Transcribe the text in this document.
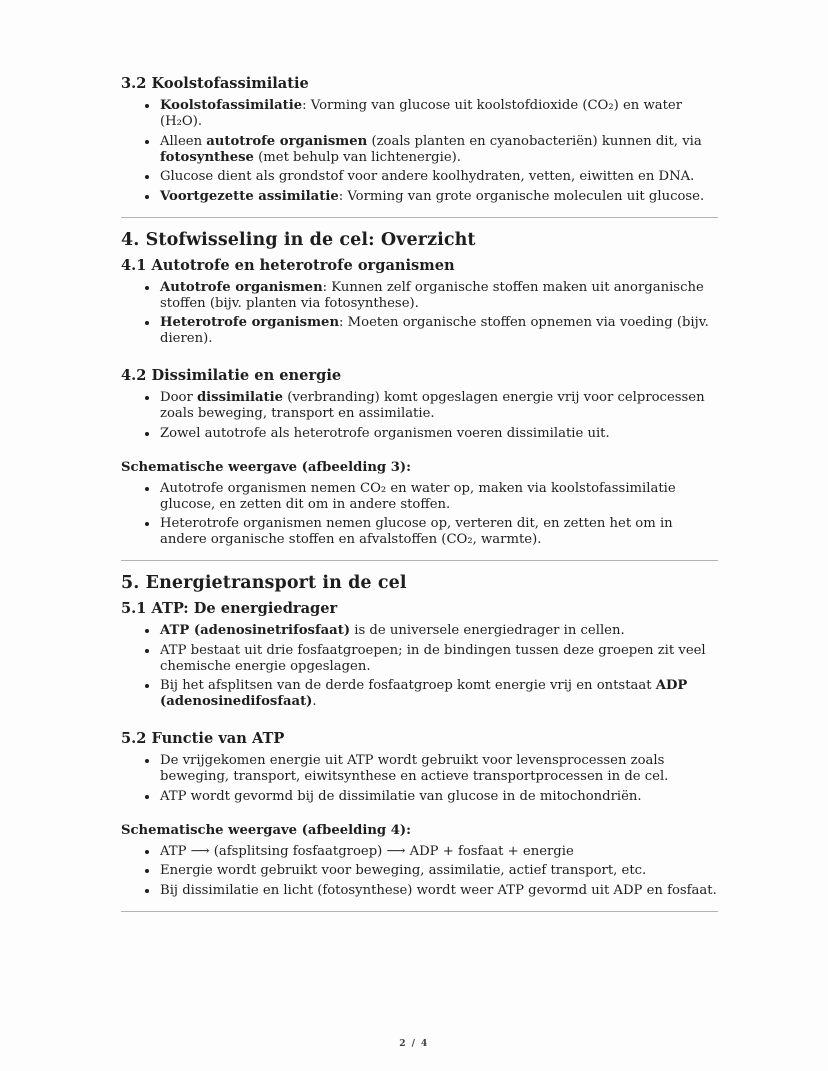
3.2 Koolstofassimilatie
• Koolstofassimilatie: Vorming van glucose uit koolstofdioxide (CO₂) en water (H₂O).
• Alleen autotrofe organismen (zoals planten en cyanobacteriën) kunnen dit, via fotosynthese (met behulp van lichtenergie).
• Glucose dient als grondstof voor andere koolhydraten, vetten, eiwitten en DNA.
• Voortgezette assimilatie: Vorming van grote organische moleculen uit glucose.
4. Stofwisseling in de cel: Overzicht
4.1 Autotrofe en heterotrofe organismen
• Autotrofe organismen: Kunnen zelf organische stoffen maken uit anorganische stoffen (bijv. planten via fotosynthese).
• Heterotrofe organismen: Moeten organische stoffen opnemen via voeding (bijv. dieren).
4.2 Dissimilatie en energie
• Door dissimilatie (verbranding) komt opgeslagen energie vrij voor celprocessen zoals beweging, transport en assimilatie.
• Zowel autotrofe als heterotrofe organismen voeren dissimilatie uit.

Schematische weergave (afbeelding 3):

• Autotrofe organismen nemen CO₂ en water op, maken via koolstofassimilatie glucose, en zetten dit om in andere stoffen.
• Heterotrofe organismen nemen glucose op, verteren dit, en zetten het om in andere organische stoffen en afvalstoffen (CO₂, warmte).
5. Energietransport in de cel
5.1 ATP: De energiedrager
• ATP (adenosinetrifosfaat) is de universele energiedrager in cellen.
• ATP bestaat uit drie fosfaatgroepen; in de bindingen tussen deze groepen zit veel chemische energie opgeslagen.
• Bij het afsplitsen van de derde fosfaatgroep komt energie vrij en ontstaat ADP (adenosinedifosfaat).
5.2 Functie van ATP
• De vrijgekomen energie uit ATP wordt gebruikt voor levensprocessen zoals beweging, transport, eiwitsynthese en actieve transportprocessen in de cel.
• ATP wordt gevormd bij de dissimilatie van glucose in de mitochondriën.

Schematische weergave (afbeelding 4):

• ATP ⟶ (afsplitsing fosfaatgroep) ⟶ ADP + fosfaat + energie
• Energie wordt gebruikt voor beweging, assimilatie, actief transport, etc.
• Bij dissimilatie en licht (fotosynthese) wordt weer ATP gevormd uit ADP en fosfaat.
2 / 4
